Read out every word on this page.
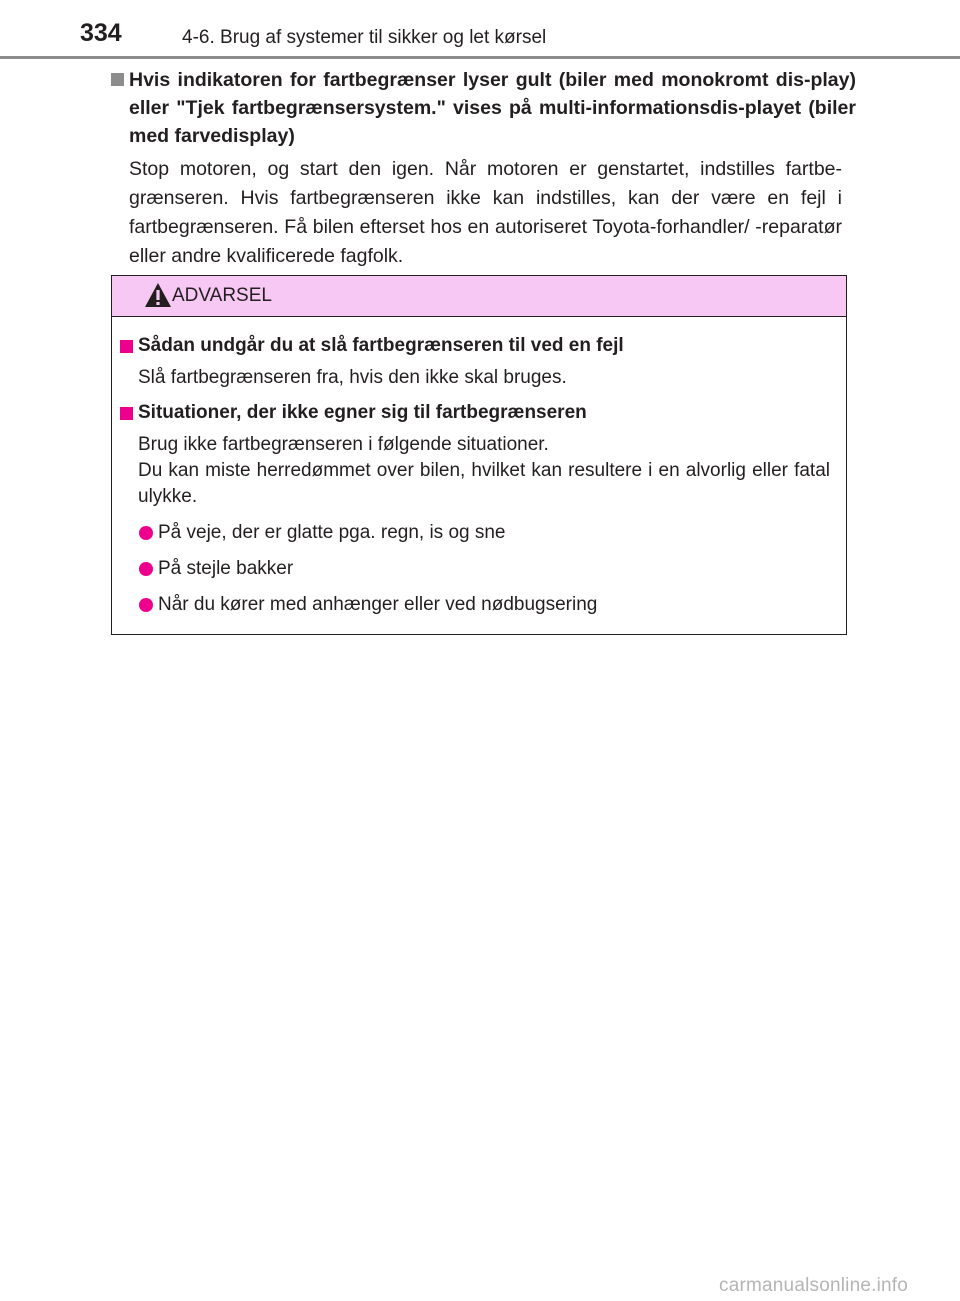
334	4-6. Brug af systemer til sikker og let kørsel
Hvis indikatoren for fartbegrænser lyser gult (biler med monokromt dis-play) eller "Tjek fartbegrænsersystem." vises på multi-informationsdis-playet (biler med farvedisplay)
Stop motoren, og start den igen. Når motoren er genstartet, indstilles fartbe-grænseren. Hvis fartbegrænseren ikke kan indstilles, kan der være en fejl i fartbegrænseren. Få bilen efterset hos en autoriseret Toyota-forhandler/ -reparatør eller andre kvalificerede fagfolk.
ADVARSEL
Sådan undgår du at slå fartbegrænseren til ved en fejl

Slå fartbegrænseren fra, hvis den ikke skal bruges.

Situationer, der ikke egner sig til fartbegrænseren

Brug ikke fartbegrænseren i følgende situationer.

Du kan miste herredømmet over bilen, hvilket kan resultere i en alvorlig eller fatal ulykke.

På veje, der er glatte pga. regn, is og sne
På stejle bakker
Når du kører med anhænger eller ved nødbugsering
carmanualsonline.info
